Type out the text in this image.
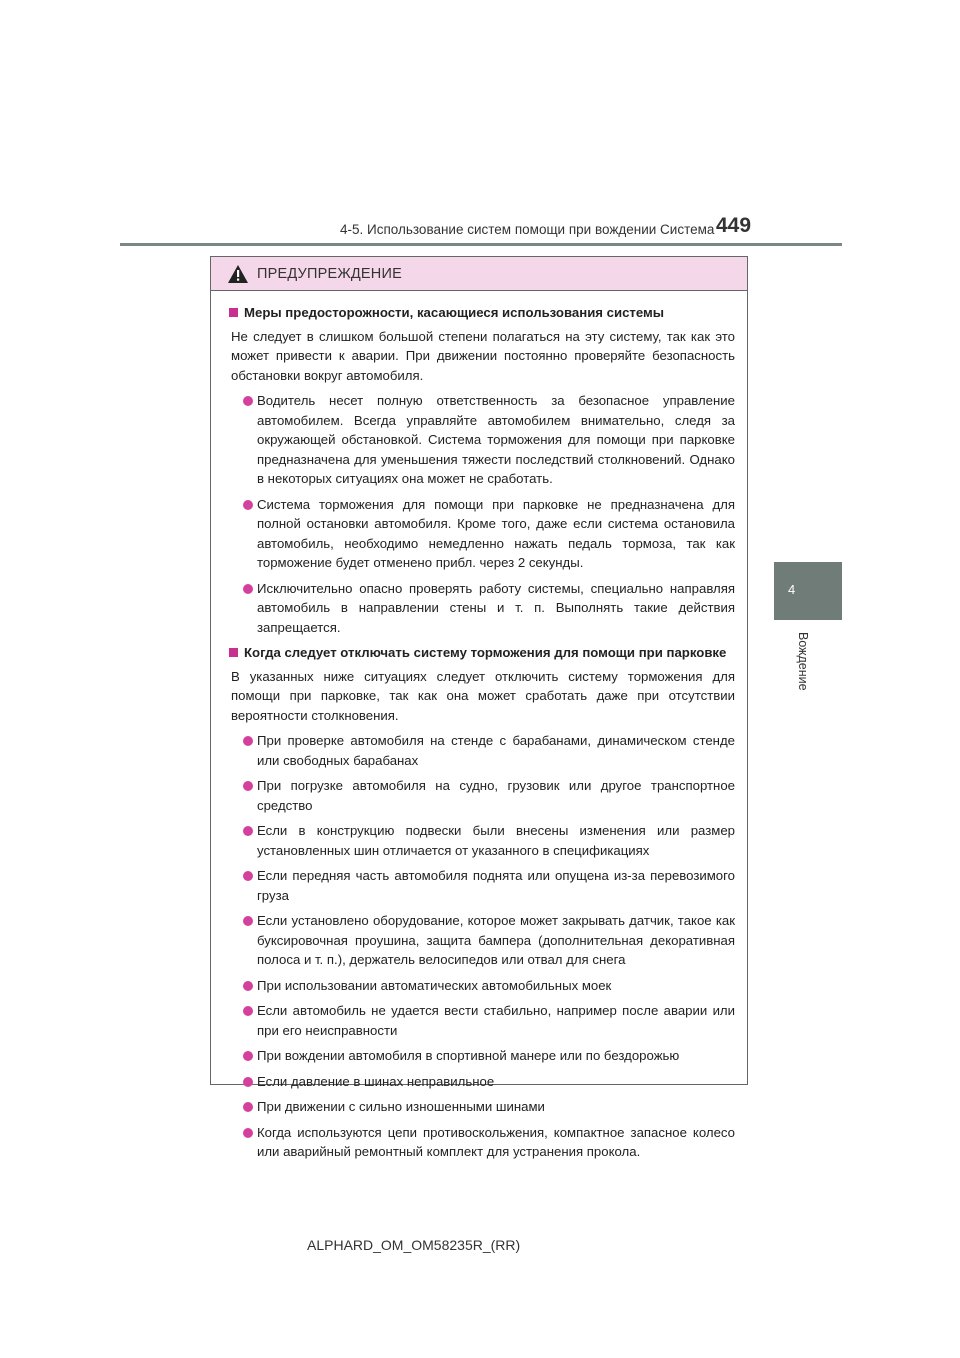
4-5. Использование систем помощи при вождении Система 449
4
Вождение
ПРЕДУПРЕЖДЕНИЕ
Меры предосторожности, касающиеся использования системы
Не следует в слишком большой степени полагаться на эту систему, так как это может привести к аварии. При движении постоянно проверяйте безопасность обстановки вокруг автомобиля.
Водитель несет полную ответственность за безопасное управление автомобилем. Всегда управляйте автомобилем внимательно, следя за окружающей обстановкой. Система торможения для помощи при парковке предназначена для уменьшения тяжести последствий столкновений. Однако в некоторых ситуациях она может не сработать.
Система торможения для помощи при парковке не предназначена для полной остановки автомобиля. Кроме того, даже если система остановила автомобиль, необходимо немедленно нажать педаль тормоза, так как торможение будет отменено прибл. через 2 секунды.
Исключительно опасно проверять работу системы, специально направляя автомобиль в направлении стены и т. п. Выполнять такие действия запрещается.
Когда следует отключать систему торможения для помощи при парковке
В указанных ниже ситуациях следует отключить систему торможения для помощи при парковке, так как она может сработать даже при отсутствии вероятности столкновения.
При проверке автомобиля на стенде с барабанами, динамическом стенде или свободных барабанах
При погрузке автомобиля на судно, грузовик или другое транспортное средство
Если в конструкцию подвески были внесены изменения или размер установленных шин отличается от указанного в спецификациях
Если передняя часть автомобиля поднята или опущена из-за перевозимого груза
Если установлено оборудование, которое может закрывать датчик, такое как буксировочная проушина, защита бампера (дополнительная декоративная полоса и т. п.), держатель велосипедов или отвал для снега
При использовании автоматических автомобильных моек
Если автомобиль не удается вести стабильно, например после аварии или при его неисправности
При вождении автомобиля в спортивной манере или по бездорожью
Если давление в шинах неправильное
При движении с сильно изношенными шинами
Когда используются цепи противоскольжения, компактное запасное колесо или аварийный ремонтный комплект для устранения прокола.
ALPHARD_OM_OM58235R_(RR)
